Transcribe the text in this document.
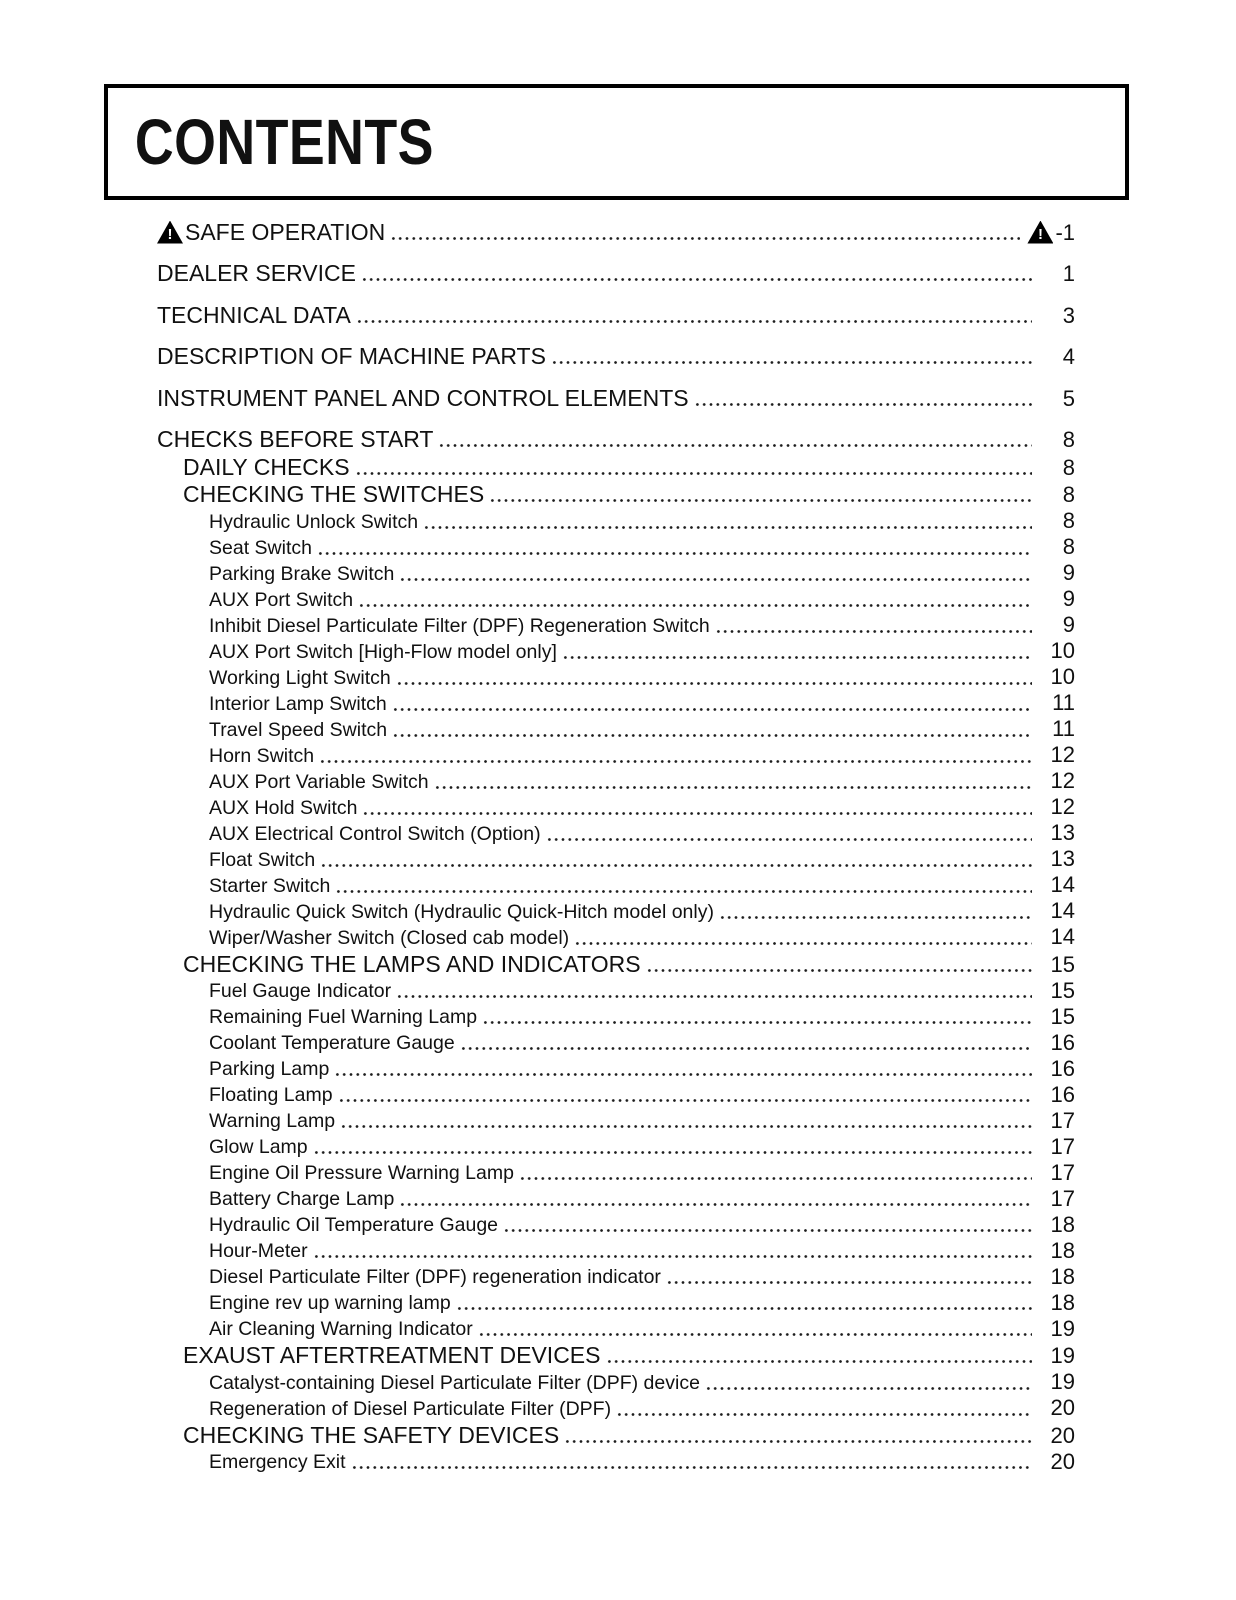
CONTENTS
!
SAFE OPERATION !	-1
DEALER SERVICE	1
TECHNICAL DATA	3
DESCRIPTION OF MACHINE PARTS	4
INSTRUMENT PANEL AND CONTROL ELEMENTS	5
CHECKS BEFORE START	8
DAILY CHECKS	8
CHECKING THE SWITCHES	8
Hydraulic Unlock Switch	8
Seat Switch	8
Parking Brake Switch	9
AUX Port Switch	9
Inhibit Diesel Particulate Filter (DPF) Regeneration Switch	9
AUX Port Switch [High-Flow model only]	10
Working Light Switch	10
Interior Lamp Switch	11
Travel Speed Switch	11
Horn Switch	12
AUX Port Variable Switch	12
AUX Hold Switch	12
AUX Electrical Control Switch (Option)	13
Float Switch	13
Starter Switch	14
Hydraulic Quick Switch (Hydraulic Quick-Hitch model only)	14
Wiper/Washer Switch (Closed cab model)	14
CHECKING THE LAMPS AND INDICATORS	15
Fuel Gauge Indicator	15
Remaining Fuel Warning Lamp	15
Coolant Temperature Gauge	16
Parking Lamp	16
Floating Lamp	16
Warning Lamp	17
Glow Lamp	17
Engine Oil Pressure Warning Lamp	17
Battery Charge Lamp	17
Hydraulic Oil Temperature Gauge	18
Hour-Meter	18
Diesel Particulate Filter (DPF) regeneration indicator	18
Engine rev up warning lamp	18
Air Cleaning Warning Indicator	19
EXAUST AFTERTREATMENT DEVICES	19
Catalyst-containing Diesel Particulate Filter (DPF) device	19
Regeneration of Diesel Particulate Filter (DPF)	20
CHECKING THE SAFETY DEVICES	20
Emergency Exit	20
